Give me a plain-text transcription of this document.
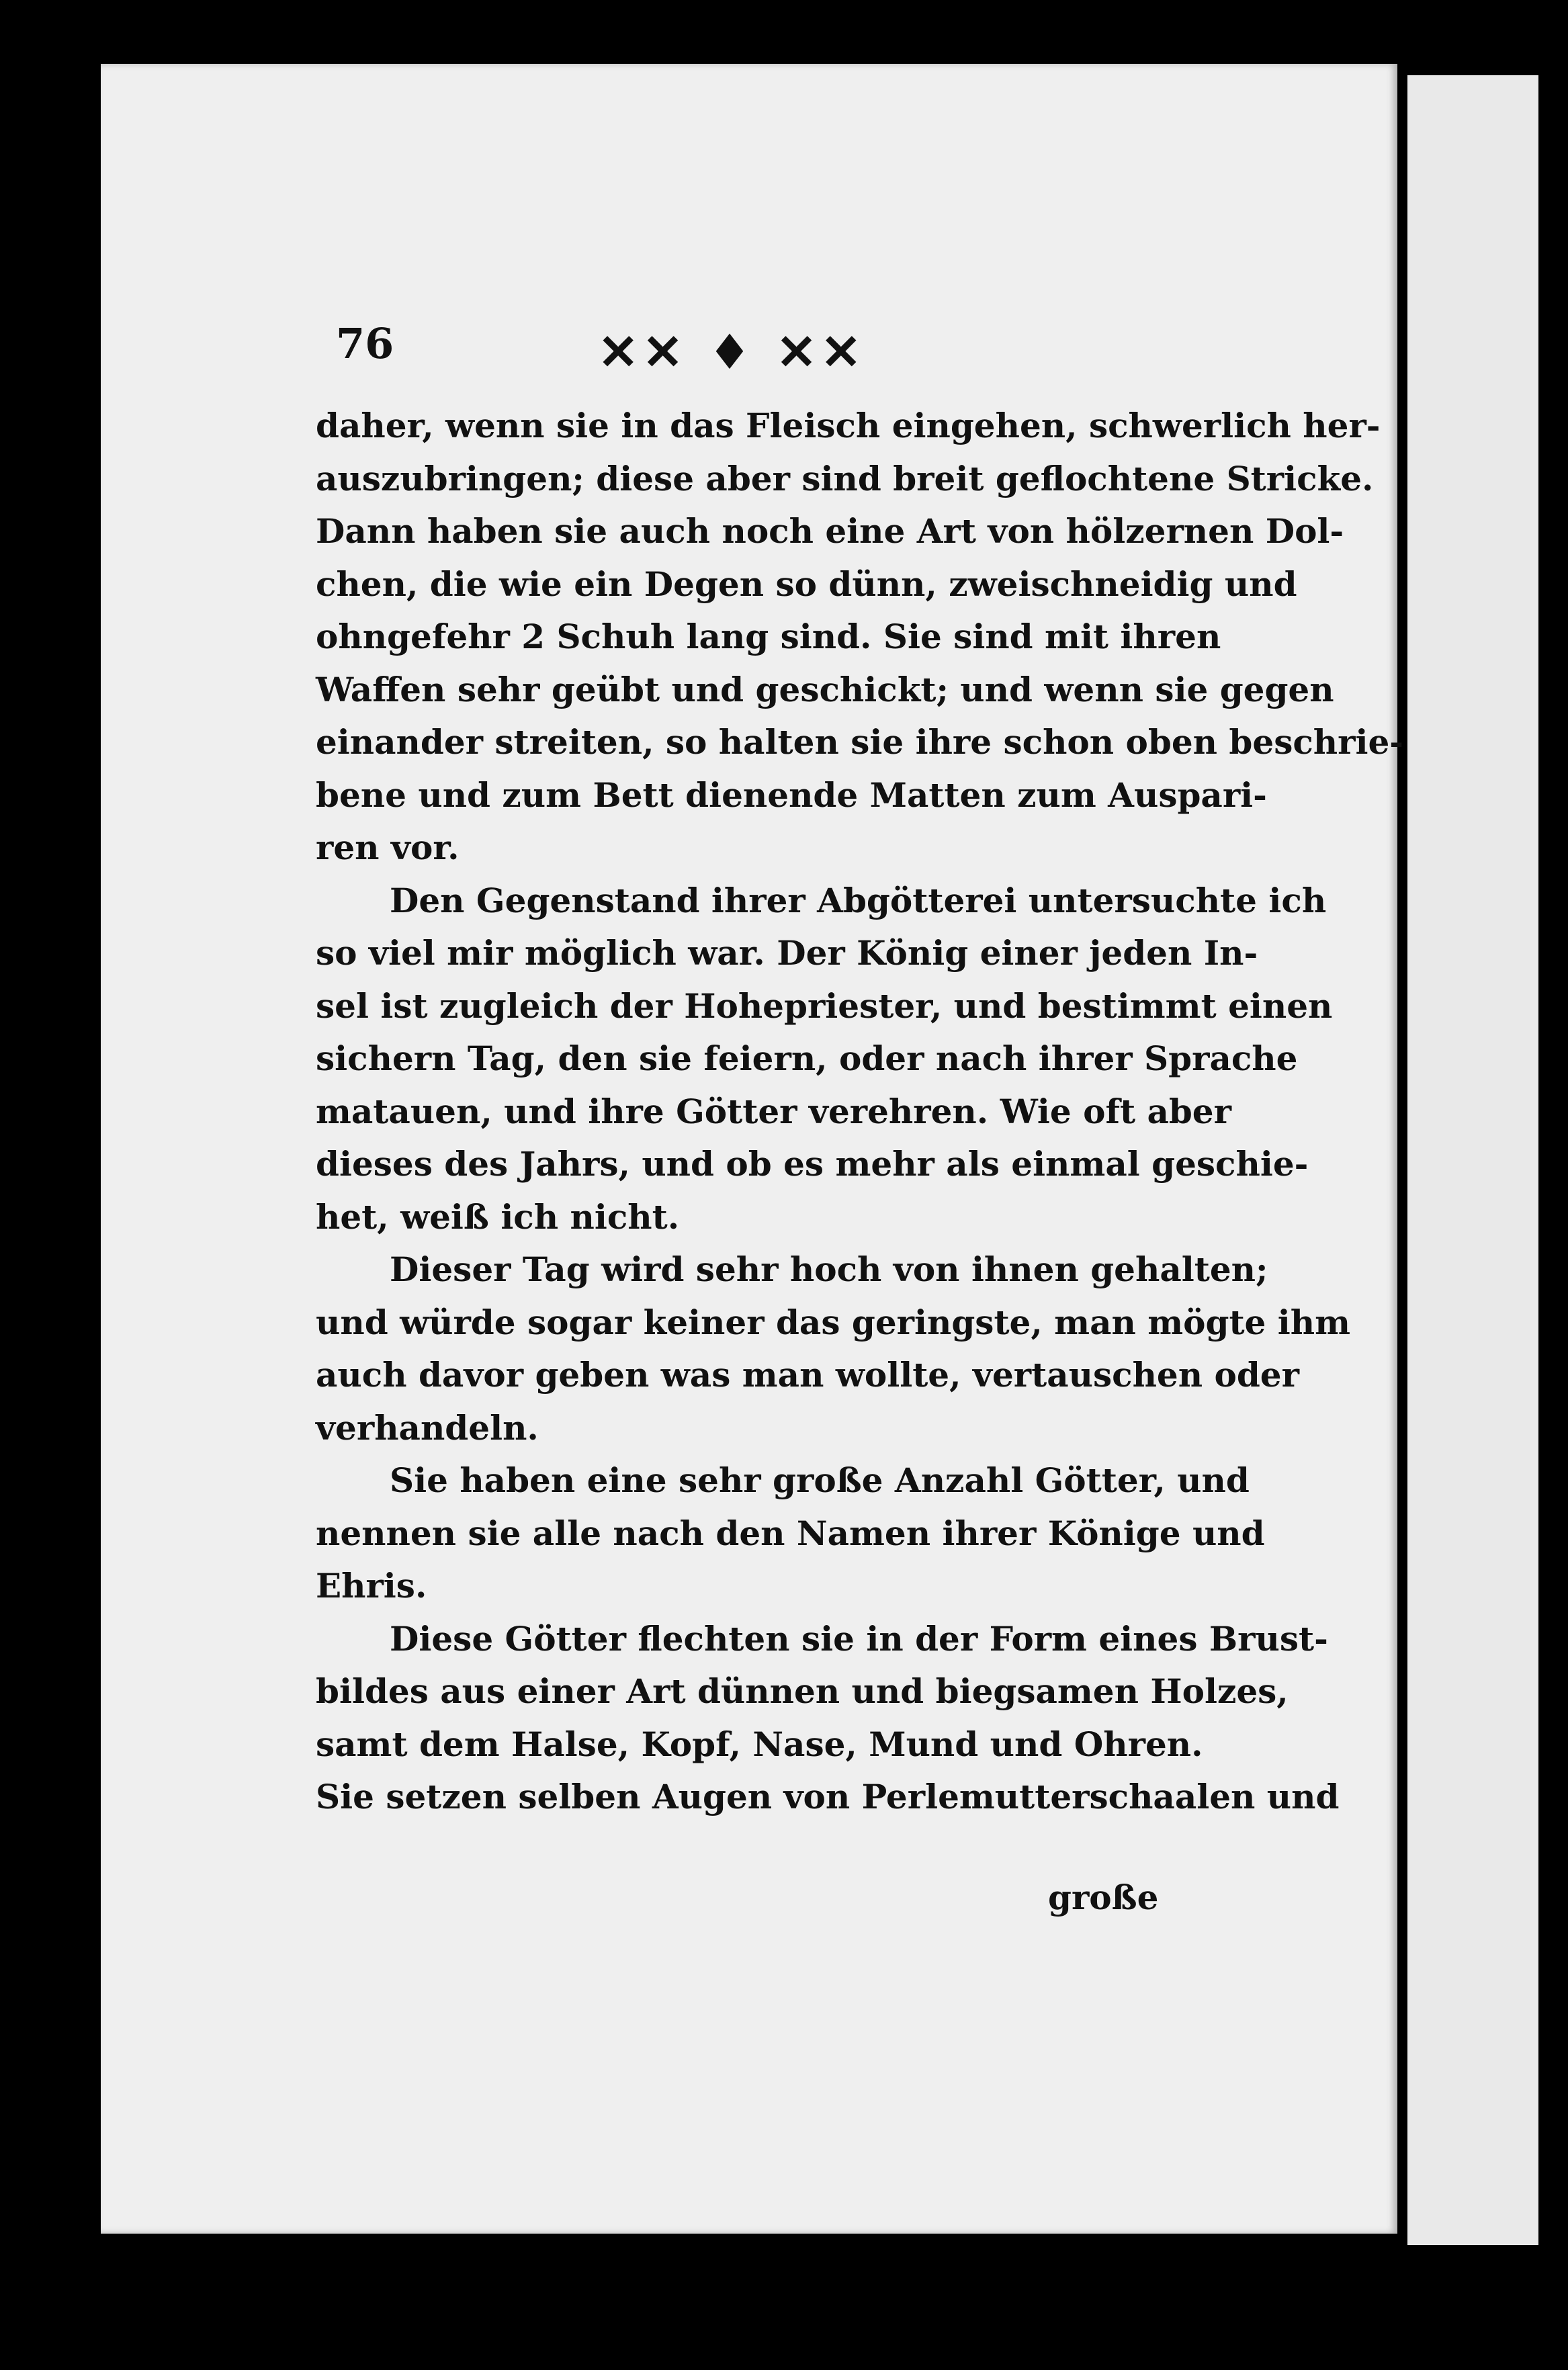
76	✕✕ ♦ ✕✕
daher, wenn sie in das Fleisch eingehen, schwerlich her-
auszubringen; diese aber sind breit geflochtene Stricke.
Dann haben sie auch noch eine Art von hölzernen Dol-
chen, die wie ein Degen so dünn, zweischneidig und
ohngefehr 2 Schuh lang sind. Sie sind mit ihren
Waffen sehr geübt und geschickt; und wenn sie gegen
einander streiten, so halten sie ihre schon oben beschrie-
bene und zum Bett dienende Matten zum Auspari-
ren vor.
Den Gegenstand ihrer Abgötterei untersuchte ich
so viel mir möglich war. Der König einer jeden In-
sel ist zugleich der Hohepriester, und bestimmt einen
sichern Tag, den sie feiern, oder nach ihrer Sprache
matauen, und ihre Götter verehren. Wie oft aber
dieses des Jahrs, und ob es mehr als einmal geschie-
het, weiß ich nicht.
Dieser Tag wird sehr hoch von ihnen gehalten;
und würde sogar keiner das geringste, man mögte ihm
auch davor geben was man wollte, vertauschen oder
verhandeln.
Sie haben eine sehr große Anzahl Götter, und
nennen sie alle nach den Namen ihrer Könige und
Ehris.
Diese Götter flechten sie in der Form eines Brust-
bildes aus einer Art dünnen und biegsamen Holzes,
samt dem Halse, Kopf, Nase, Mund und Ohren.
Sie setzen selben Augen von Perlemutterschaalen und
große
